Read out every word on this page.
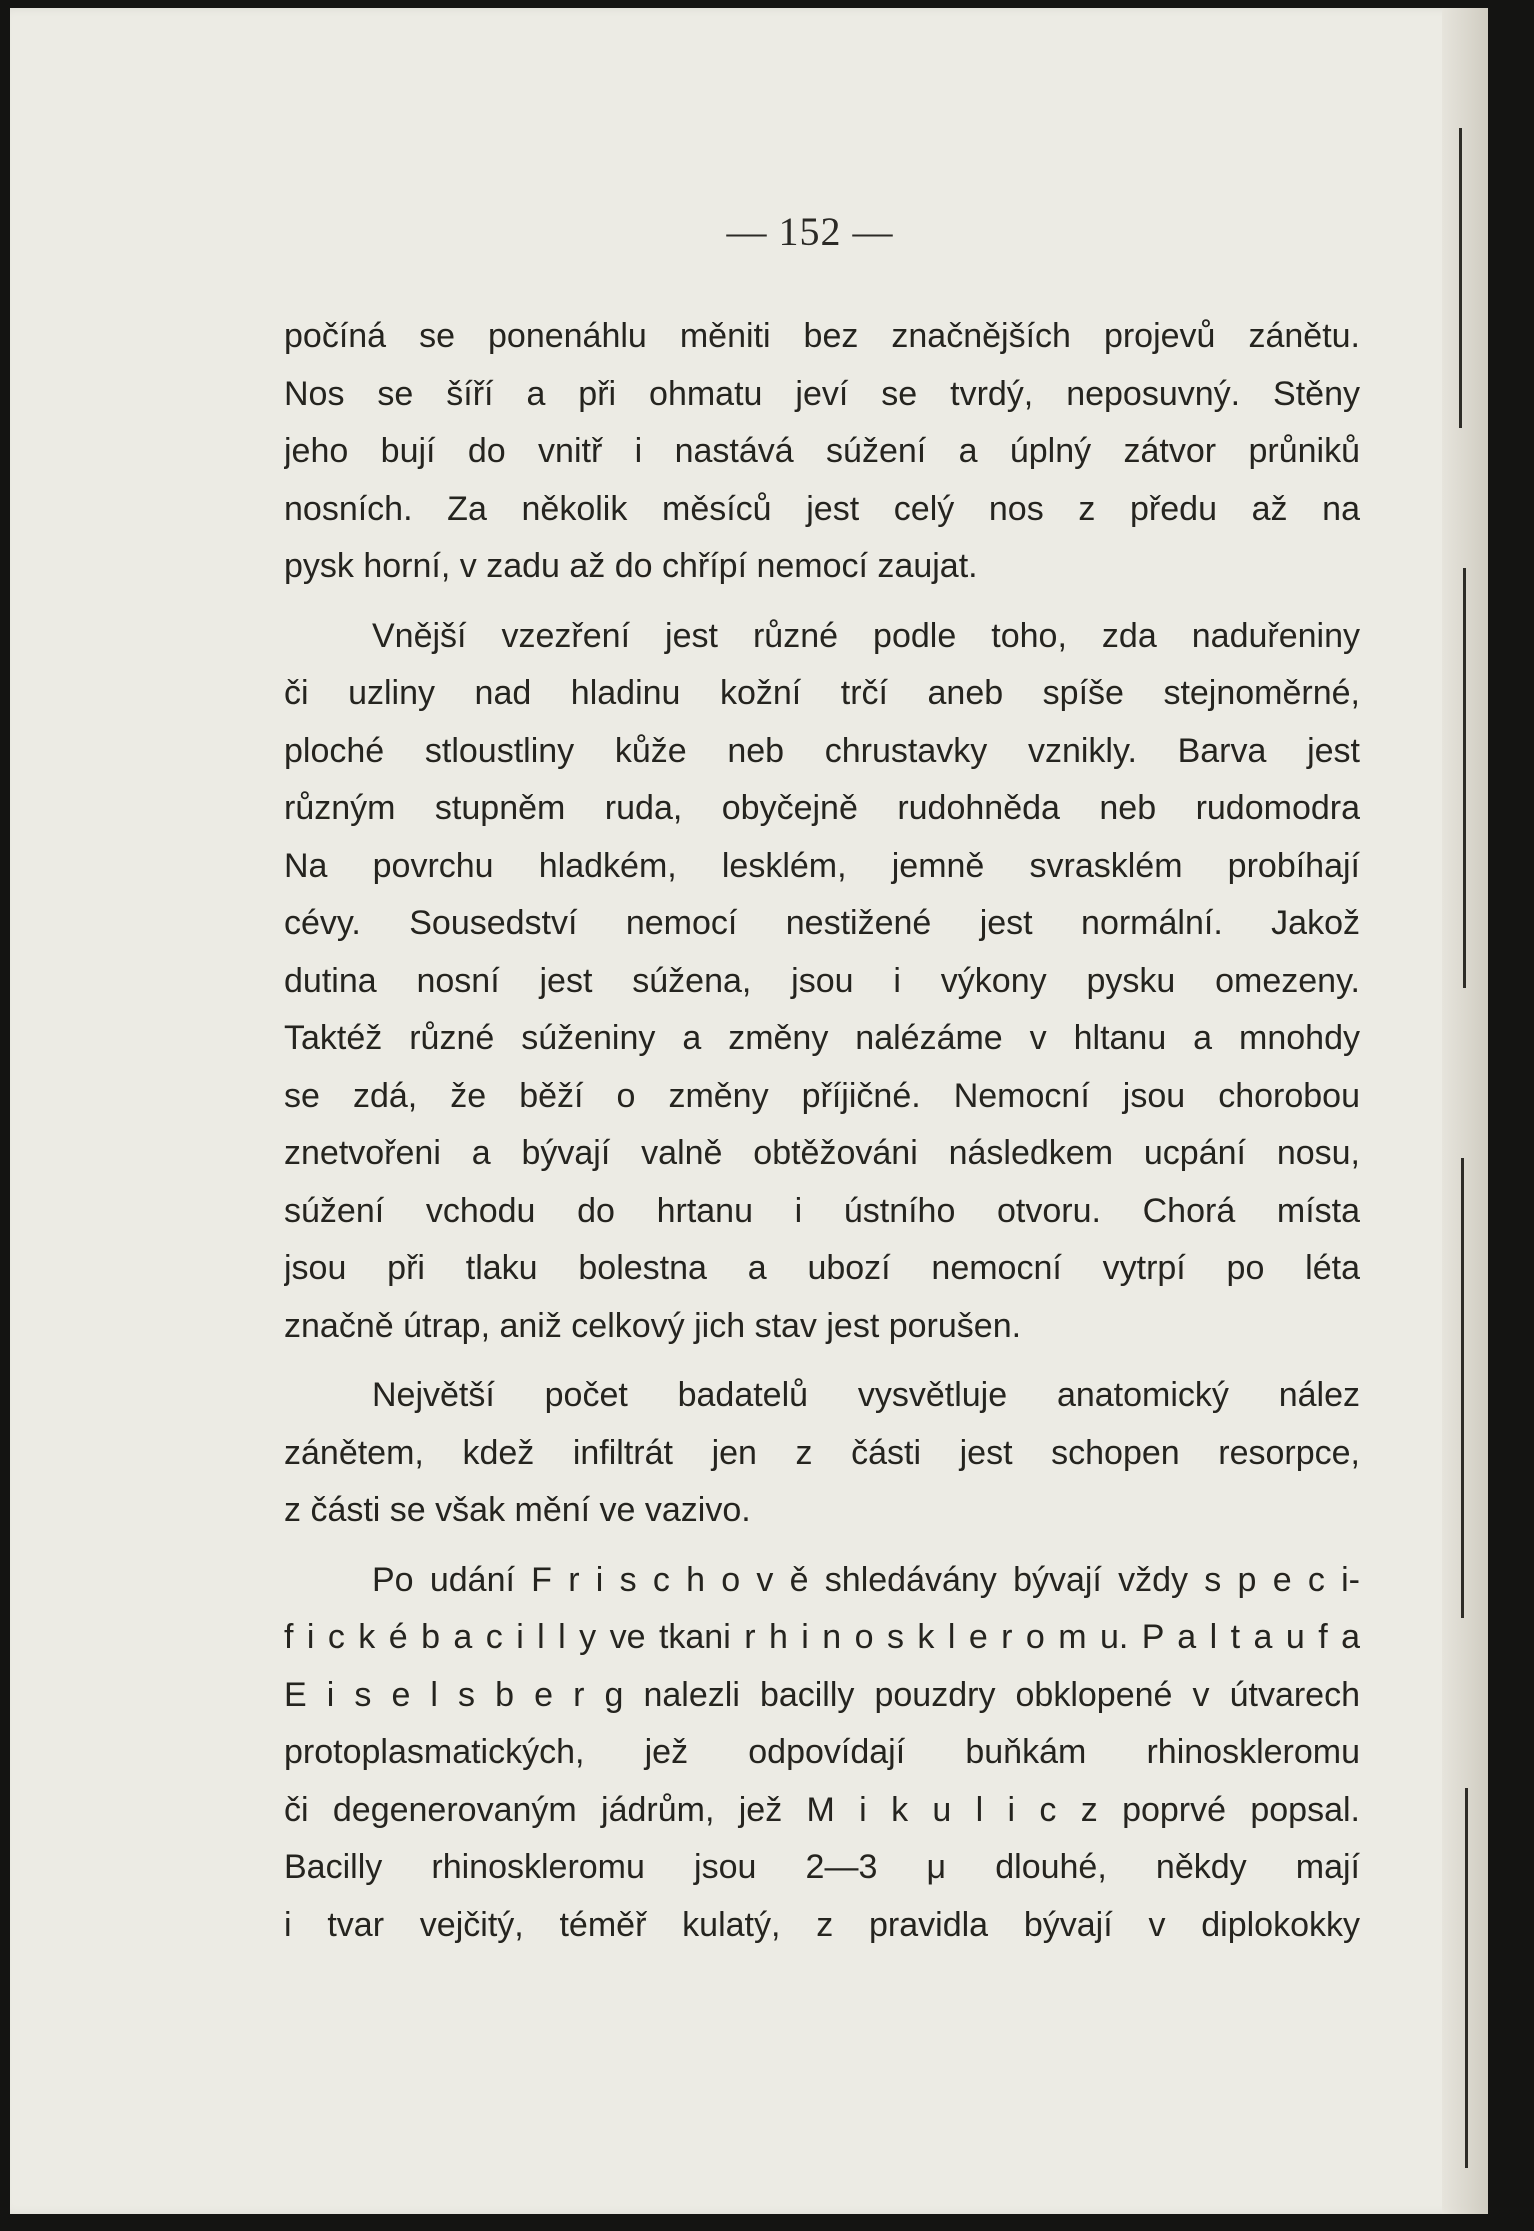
— 152 —
počíná se ponenáhlu měniti bez značnějších projevů zánětu.
Nos se šíří a při ohmatu jeví se tvrdý, neposuvný. Stěny
jeho bují do vnitř i nastává súžení a úplný zátvor průniků
nosních. Za několik měsíců jest celý nos z předu až na
pysk horní, v zadu až do chřípí nemocí zaujat.
Vnější vzezření jest různé podle toho, zda naduřeniny
či uzliny nad hladinu kožní trčí aneb spíše stejnoměrné,
ploché stloustliny kůže neb chrustavky vznikly. Barva jest
různým stupněm ruda, obyčejně rudohněda neb rudomodra
Na povrchu hladkém, lesklém, jemně svrasklém probíhají
cévy. Sousedství nemocí nestižené jest normální. Jakož
dutina nosní jest súžena, jsou i výkony pysku omezeny.
Taktéž různé súženiny a změny nalézáme v hltanu a mnohdy
se zdá, že běží o změny příjičné. Nemocní jsou chorobou
znetvořeni a bývají valně obtěžováni následkem ucpání nosu,
súžení vchodu do hrtanu i ústního otvoru. Chorá místa
jsou při tlaku bolestna a ubozí nemocní vytrpí po léta
značně útrap, aniž celkový jich stav jest porušen.
Největší počet badatelů vysvětluje anatomický nález
zánětem, kdež infiltrát jen z části jest schopen resorpce,
z části se však mění ve vazivo.
Po udání F r i s c h o v ě shledávány bývají vždy s p e c i-
f i c k é b a c i l l y ve tkani r h i n o s k l e r o m u. P a l t a u f a
E i s e l s b e r g nalezli bacilly pouzdry obklopené v útvarech
protoplasmatických, jež odpovídají buňkám rhinoskleromu
či degenerovaným jádrům, jež M i k u l i c z poprvé popsal.
Bacilly rhinoskleromu jsou 2—3 μ dlouhé, někdy mají
i tvar vejčitý, téměř kulatý, z pravidla bývají v diplokokky
